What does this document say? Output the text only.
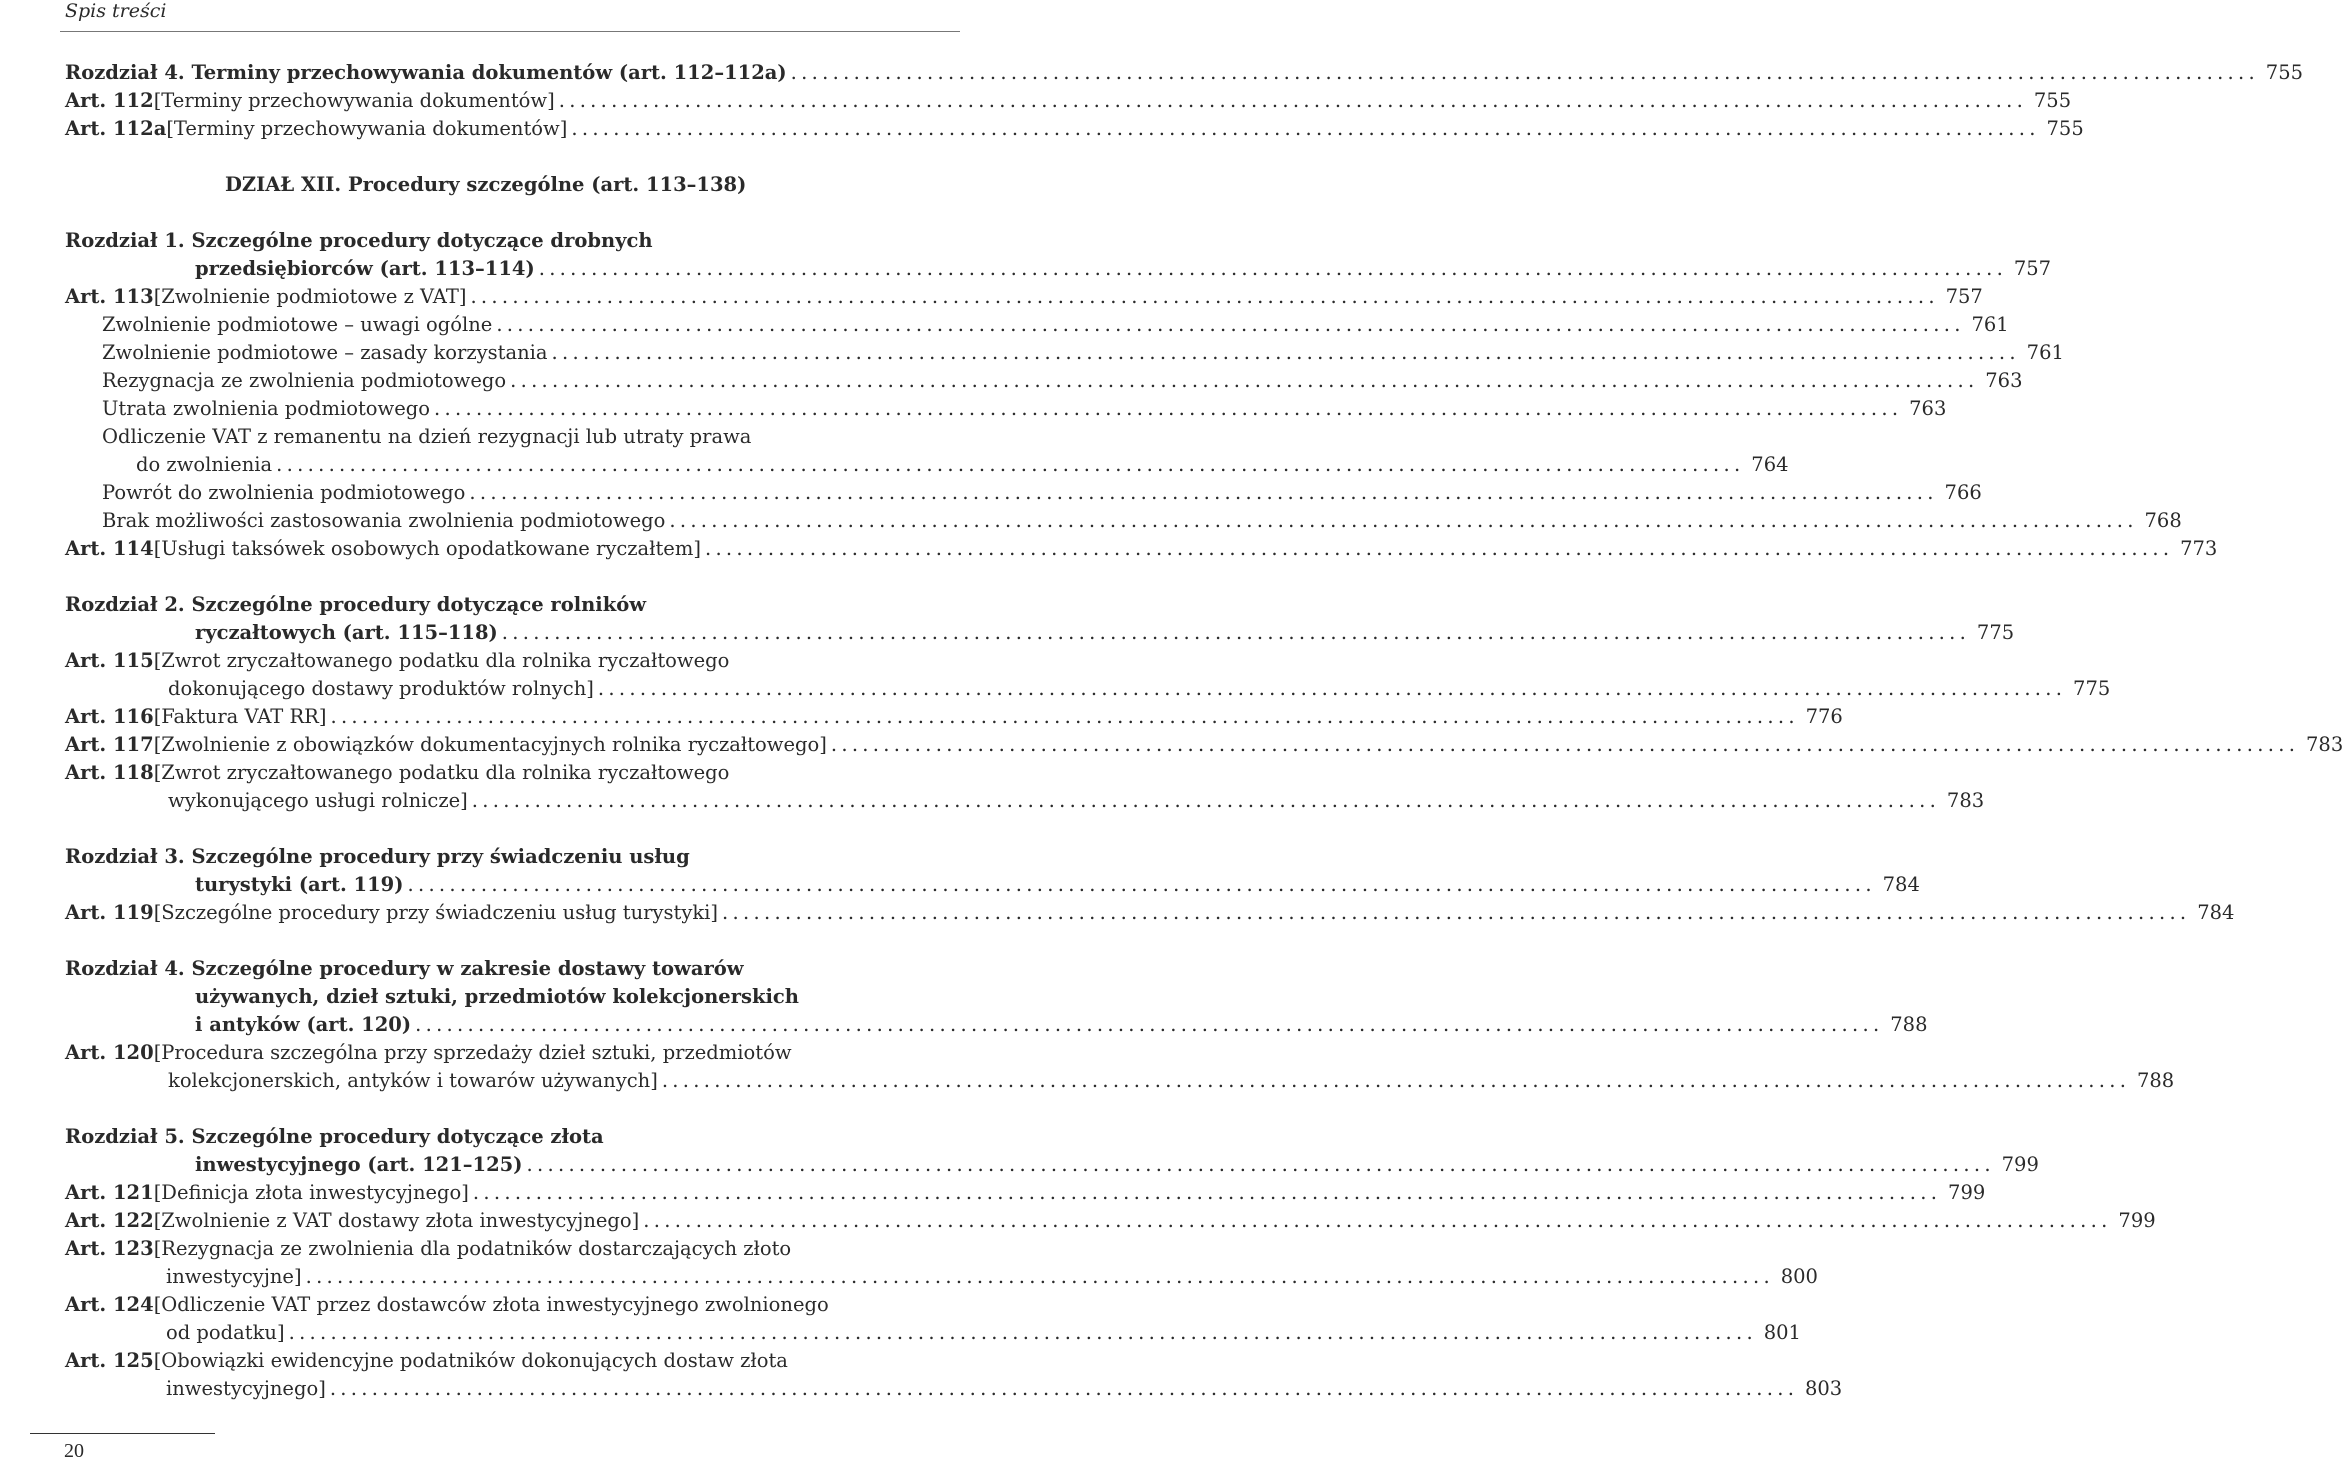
Spis treści
Rozdział 4. Terminy przechowywania dokumentów (art. 112–112a) ............................................................................................................................................ 755
Art. 112 [Terminy przechowywania dokumentów] ............................................................................................................................................ 755
Art. 112a [Terminy przechowywania dokumentów] ............................................................................................................................................ 755
DZIAŁ XII. Procedury szczególne (art. 113–138)
Rozdział 1. Szczególne procedury dotyczące drobnych
przedsiębiorców (art. 113–114) ............................................................................................................................................ 757
Art. 113 [Zwolnienie podmiotowe z VAT] ............................................................................................................................................ 757
Zwolnienie podmiotowe – uwagi ogólne ............................................................................................................................................ 761
Zwolnienie podmiotowe – zasady korzystania ............................................................................................................................................ 761
Rezygnacja ze zwolnienia podmiotowego ............................................................................................................................................ 763
Utrata zwolnienia podmiotowego ............................................................................................................................................ 763
Odliczenie VAT z remanentu na dzień rezygnacji lub utraty prawa
do zwolnienia ............................................................................................................................................ 764
Powrót do zwolnienia podmiotowego ............................................................................................................................................ 766
Brak możliwości zastosowania zwolnienia podmiotowego ............................................................................................................................................ 768
Art. 114 [Usługi taksówek osobowych opodatkowane ryczałtem] ............................................................................................................................................ 773
Rozdział 2. Szczególne procedury dotyczące rolników
ryczałtowych (art. 115–118) ............................................................................................................................................ 775
Art. 115 [Zwrot zryczałtowanego podatku dla rolnika ryczałtowego
dokonującego dostawy produktów rolnych] ............................................................................................................................................ 775
Art. 116 [Faktura VAT RR] ............................................................................................................................................ 776
Art. 117 [Zwolnienie z obowiązków dokumentacyjnych rolnika ryczałtowego] ............................................................................................................................................ 783
Art. 118 [Zwrot zryczałtowanego podatku dla rolnika ryczałtowego
wykonującego usługi rolnicze] ............................................................................................................................................ 783
Rozdział 3. Szczególne procedury przy świadczeniu usług
turystyki (art. 119) ............................................................................................................................................ 784
Art. 119 [Szczególne procedury przy świadczeniu usług turystyki] ............................................................................................................................................ 784
Rozdział 4. Szczególne procedury w zakresie dostawy towarów
używanych, dzieł sztuki, przedmiotów kolekcjonerskich
i antyków (art. 120) ............................................................................................................................................ 788
Art. 120 [Procedura szczególna przy sprzedaży dzieł sztuki, przedmiotów
kolekcjonerskich, antyków i towarów używanych] ............................................................................................................................................ 788
Rozdział 5. Szczególne procedury dotyczące złota
inwestycyjnego (art. 121–125) ............................................................................................................................................ 799
Art. 121 [Definicja złota inwestycyjnego] ............................................................................................................................................ 799
Art. 122 [Zwolnienie z VAT dostawy złota inwestycyjnego] ............................................................................................................................................ 799
Art. 123 [Rezygnacja ze zwolnienia dla podatników dostarczających złoto
inwestycyjne] ............................................................................................................................................ 800
Art. 124 [Odliczenie VAT przez dostawców złota inwestycyjnego zwolnionego
od podatku] ............................................................................................................................................ 801
Art. 125 [Obowiązki ewidencyjne podatników dokonujących dostaw złota
inwestycyjnego] ............................................................................................................................................ 803
20
